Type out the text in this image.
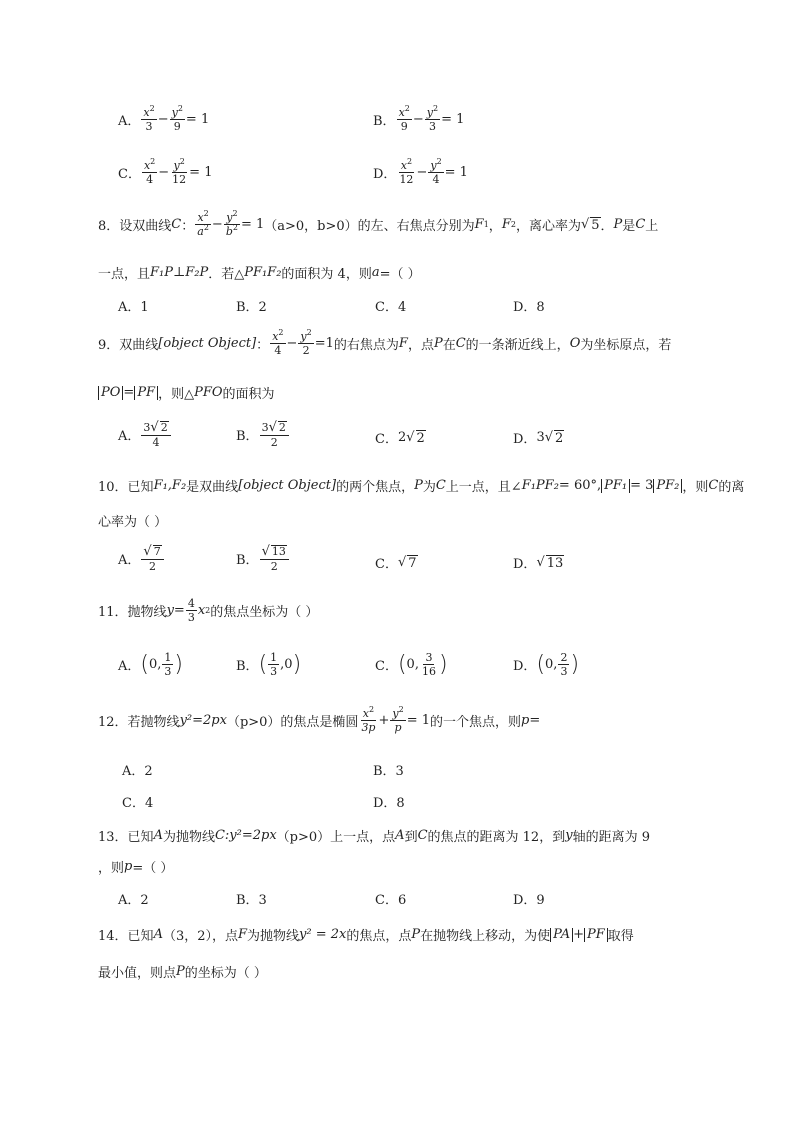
A． $\frac{x^2}{3} - \frac{y^2}{9} = 1$	B． $\frac{x^2}{9} - \frac{y^2}{3} = 1$
C． $\frac{x^2}{4} - \frac{y^2}{12} = 1$	D． $\frac{x^2}{12} - \frac{y^2}{4} = 1$
8． 设双曲线 C ： $\frac{x^2}{a^2} - \frac{y^2}{b^2} = 1$ （a>0，b>0）的左、右焦点分别为 F 1 ， F 2 ，离心率为 √ 5 ． P 是 C 上
一点，且 F₁P⊥F₂P ．若△ PF₁F₂ 的面积为 4，则 a =（ ）
A．1	B．2	C．4	D．8
9． 双曲线 [object Object] ： $\frac{x^2}{4} - \frac{y^2}{2} =1$ 的右焦点为 F ，点 P 在 C 的一条渐近线上， O 为坐标原点，若
PO = PF ，则△ PFO 的面积为
A． $\frac{3√ 2}{4}$	B． $\frac{3√ 2}{2}$	C． 2 √ 2	D． 3 √ 2
10． 已知 F₁,F₂ 是双曲线 [object Object] 的两个焦点， P 为 C 上一点，且∠ F₁PF₂ = 60°, PF₁ = 3 PF₂ ，则 C 的离
心率为（ ）
A． $\frac{√ 7}{2}$	B． $\frac{√ 13}{2}$	C． √ 7	D． √ 13
11． 抛物线 $y = \frac{4}{3}$ x 2 的焦点坐标为（ ）
A． ( 0, $\frac{1}{3}$ )	B． ( $\frac{1}{3} ,0$ )	C． ( 0, $\frac{3}{16}$ )	D． ( 0, $\frac{2}{3}$ )
12． 若抛物线 y²=2px （p>0）的焦点是椭圆 $\frac{x^2}{3p} + \frac{y^2}{p} = 1$ 的一个焦点，则 p =
A．2	B．3
C．4	D．8
13． 已知 A 为抛物线 C:y²=2px （p>0）上一点，点 A 到 C 的焦点的距离为 12，到 y 轴的距离为 9
，则 p =（ ）
A．2	B．3	C．6	D．9
14． 已知 A （3，2），点 F 为抛物线 y² = 2x 的焦点，点 P 在抛物线上移动，为使 PA + PF 取得
最小值，则点 P 的坐标为（ ）
